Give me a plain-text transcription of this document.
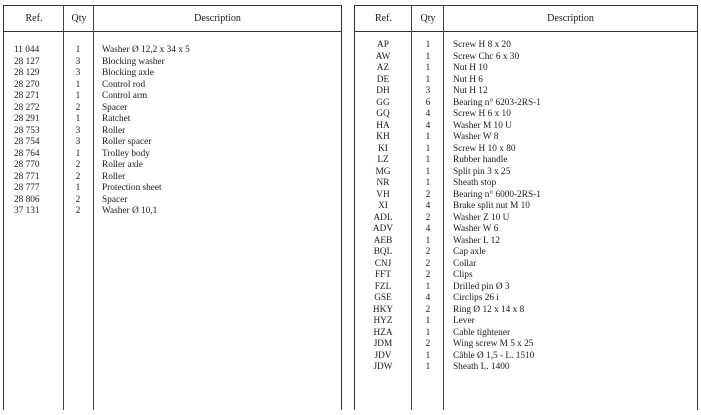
Ref.	Qty	Description
11 044	1	Washer Ø 12,2 x 34 x 5
28 127	3	Blocking washer
28 129	3	Blocking axle
28 270	1	Control rod
28 271	1	Control arm
28 272	2	Spacer
28 291	1	Ratchet
28 753	3	Roller
28 754	3	Roller spacer
28 764	1	Trolley body
28 770	2	Roller axle
28 771	2	Roller
28 777	1	Protection sheet
28 806	2	Spacer
37 131	2	Washer Ø 10,1
Ref.	Qty	Description
AP	1	Screw H 8 x 20
AW	1	Screw Chc 6 x 30
AZ	1	Nut H 10
DE	1	Nut H 6
DH	3	Nut H 12
GG	6	Bearing n° 6203-2RS-1
GQ	4	Screw H 6 x 10
HA	4	Washer M 10 U
KH	1	Washer W 8
KI	1	Screw H 10 x 80
LZ	1	Rubber handle
MG	1	Split pin 3 x 25
NR	1	Sheath stop
VH	2	Bearing n° 6000-2RS-1
XI	4	Brake split nut M 10
ADL	2	Washer Z 10 U
ADV	4	Washer W 6
AEB	1	Washer L 12
BQL	2	Cap axle
CNJ	2	Collar
FFT	2	Clips
FZL	1	Drilled pin Ø 3
GSE	4	Circlips 26 i
HKY	2	Ring Ø 12 x 14 x 8
HYZ	1	Lever
HZA	1	Cable tightener
JDM	2	Wing screw M 5 x 25
JDV	1	Câble Ø 1,5 - L. 1510
JDW	1	Sheath L. 1400
